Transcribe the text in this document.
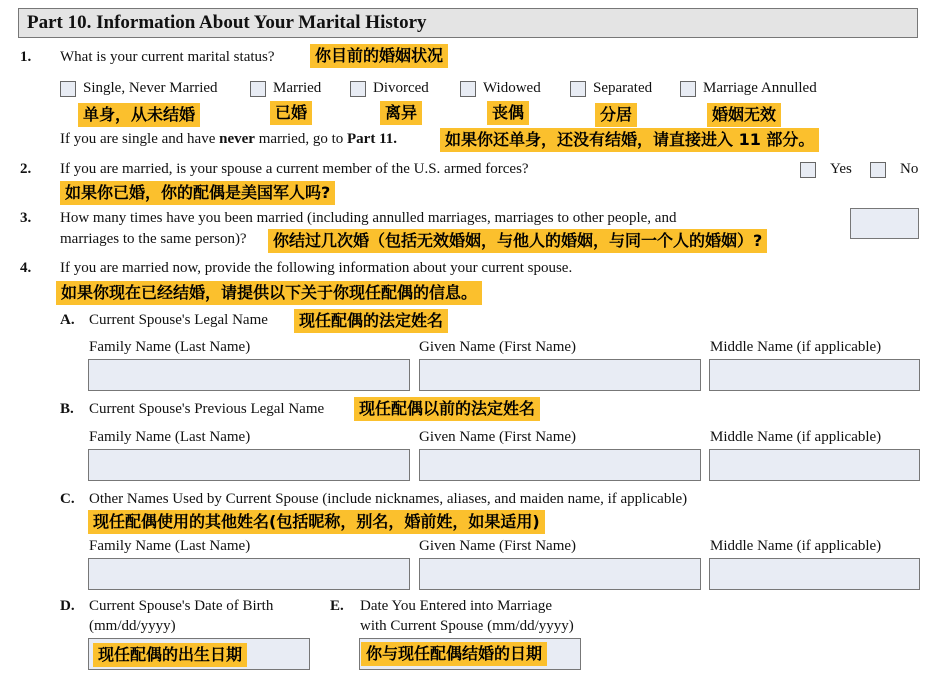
Part 10. Information About Your Marital History
1. What is your current marital status?	你目前的婚姻状况
Single, Never Married
单身，从未结婚
Married
已婚
Divorced
离异
Widowed
丧偶
Separated
分居
Marriage Annulled
婚姻无效
If you are single and have never married, go to Part 11.	如果你还单身，还没有结婚，请直接进入 11 部分。
2. If you are married, is your spouse a current member of the U.S. armed forces?	Yes	No
如果你已婚，你的配偶是美国军人吗?
3. How many times have you been married (including annulled marriages, marriages to other people, and
marriages to the same person)?	你结过几次婚（包括无效婚姻，与他人的婚姻，与同一个人的婚姻）?
4. If you are married now, provide the following information about your current spouse.
如果你现在已经结婚，请提供以下关于你现任配偶的信息。
A. Current Spouse's Legal Name	现任配偶的法定姓名
Family Name (Last Name)	Given Name (First Name)	Middle Name (if applicable)
B. Current Spouse's Previous Legal Name	现任配偶以前的法定姓名
Family Name (Last Name)	Given Name (First Name)	Middle Name (if applicable)
C. Other Names Used by Current Spouse (include nicknames, aliases, and maiden name, if applicable)
现任配偶使用的其他姓名(包括昵称，别名，婚前姓，如果适用)
Family Name (Last Name)	Given Name (First Name)	Middle Name (if applicable)
D. Current Spouse's Date of Birth
(mm/dd/yyyy)
现任配偶的出生日期
E. Date You Entered into Marriage
with Current Spouse (mm/dd/yyyy)
你与现任配偶结婚的日期
